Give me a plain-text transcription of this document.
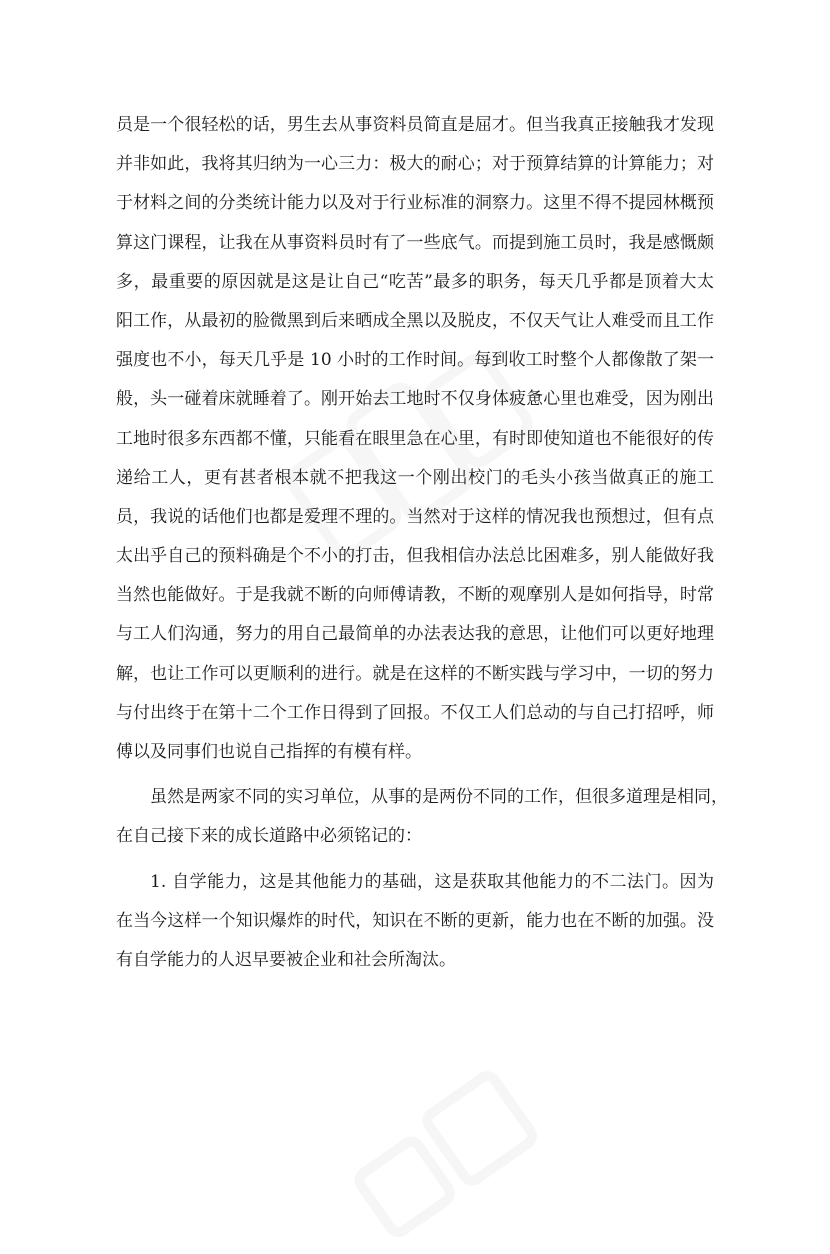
员是一个很轻松的话，男生去从事资料员简直是屈才。但当我真正接触我才发现
并非如此，我将其归纳为一心三力：极大的耐心；对于预算结算的计算能力；对
于材料之间的分类统计能力以及对于行业标准的洞察力。这里不得不提园林概预
算这门课程，让我在从事资料员时有了一些底气。而提到施工员时，我是感慨颇
多，最重要的原因就是这是让自己“吃苦”最多的职务，每天几乎都是顶着大太
阳工作，从最初的脸微黑到后来晒成全黑以及脱皮，不仅天气让人难受而且工作
强度也不小，每天几乎是 10 小时的工作时间。每到收工时整个人都像散了架一
般，头一碰着床就睡着了。刚开始去工地时不仅身体疲惫心里也难受，因为刚出
工地时很多东西都不懂，只能看在眼里急在心里，有时即使知道也不能很好的传
递给工人，更有甚者根本就不把我这一个刚出校门的毛头小孩当做真正的施工
员，我说的话他们也都是爱理不理的。当然对于这样的情况我也预想过，但有点
太出乎自己的预料确是个不小的打击，但我相信办法总比困难多，别人能做好我
当然也能做好。于是我就不断的向师傅请教，不断的观摩别人是如何指导，时常
与工人们沟通，努力的用自己最简单的办法表达我的意思，让他们可以更好地理
解，也让工作可以更顺利的进行。就是在这样的不断实践与学习中，一切的努力
与付出终于在第十二个工作日得到了回报。不仅工人们总动的与自己打招呼，师
傅以及同事们也说自己指挥的有模有样。
虽然是两家不同的实习单位，从事的是两份不同的工作，但很多道理是相同，
在自己接下来的成长道路中必须铭记的：
1. 自学能力，这是其他能力的基础，这是获取其他能力的不二法门。因为
在当今这样一个知识爆炸的时代，知识在不断的更新，能力也在不断的加强。没
有自学能力的人迟早要被企业和社会所淘汰。
